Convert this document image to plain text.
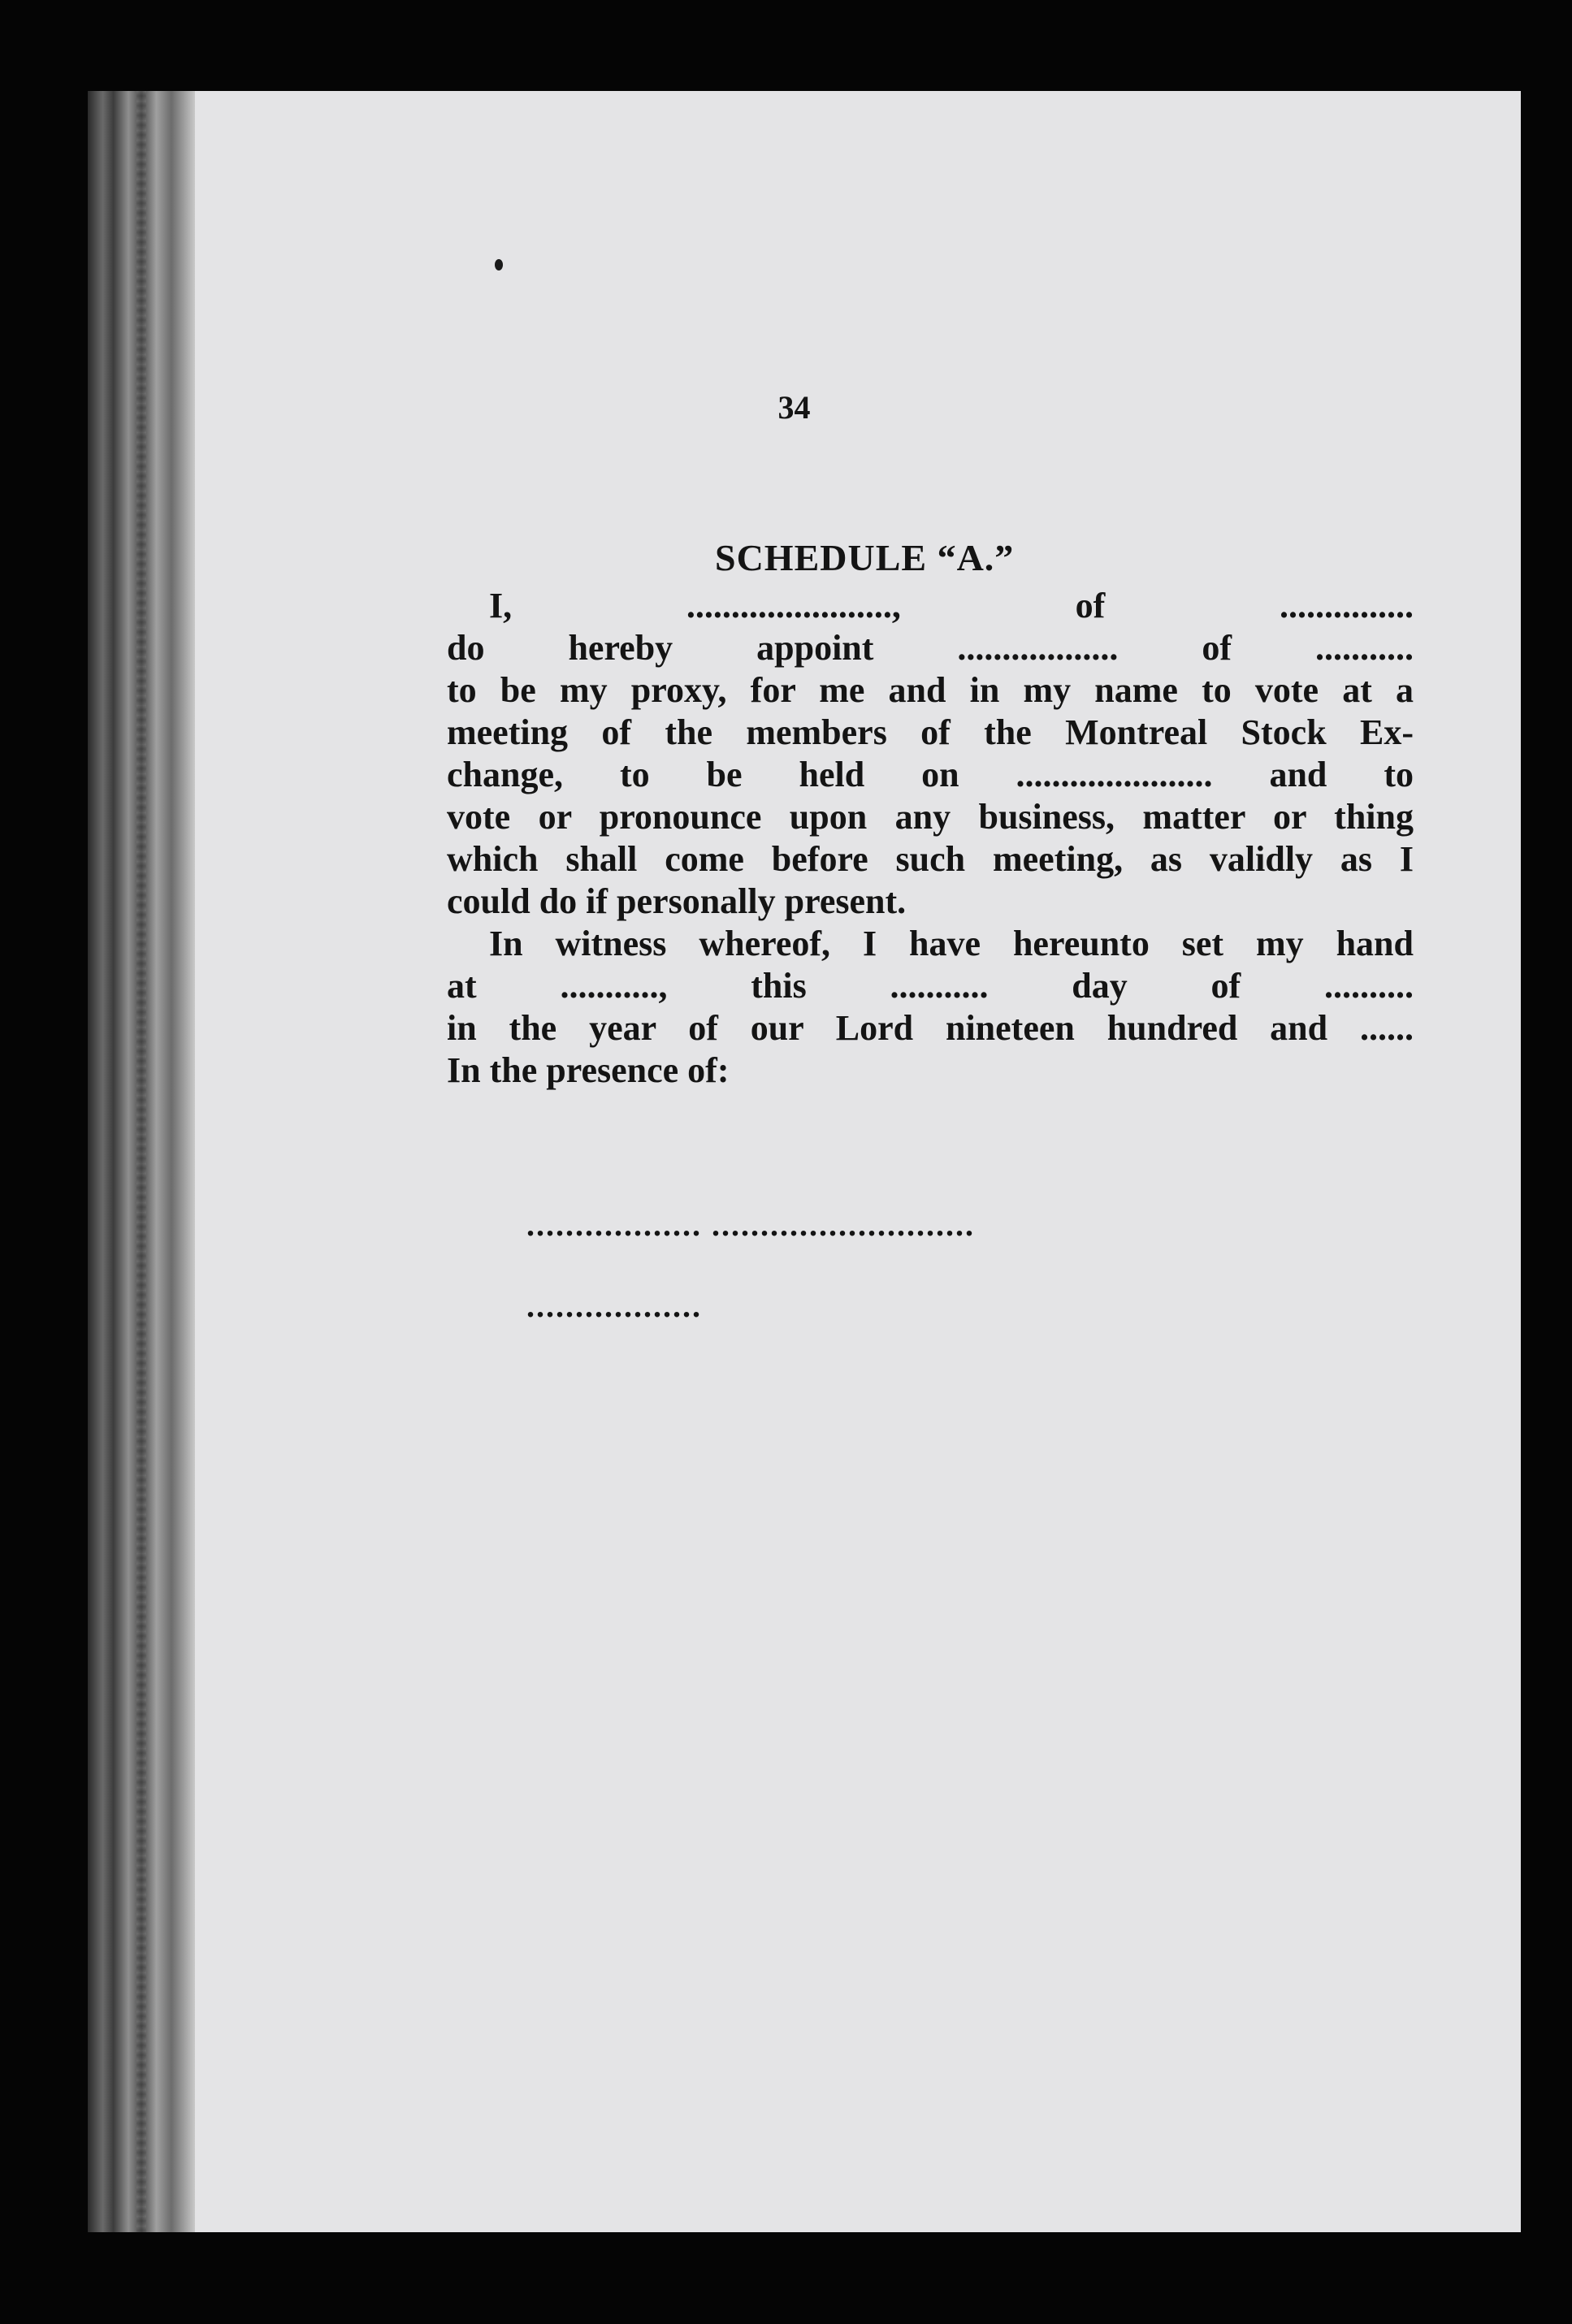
34
SCHEDULE “A.”
I, ......................., of ...............
do hereby appoint .................. of ...........
to be my proxy, for me and in my name to vote at a
meeting of the members of the Montreal Stock Ex-
change, to be held on ...................... and to
vote or pronounce upon any business, matter or thing
which shall come before such meeting, as validly as I
could do if personally present.
In witness whereof, I have hereunto set my hand
at ..........., this ........... day of ..........
in the year of our Lord nineteen hundred and ......
In the presence of:
.................. ...........................
..................
